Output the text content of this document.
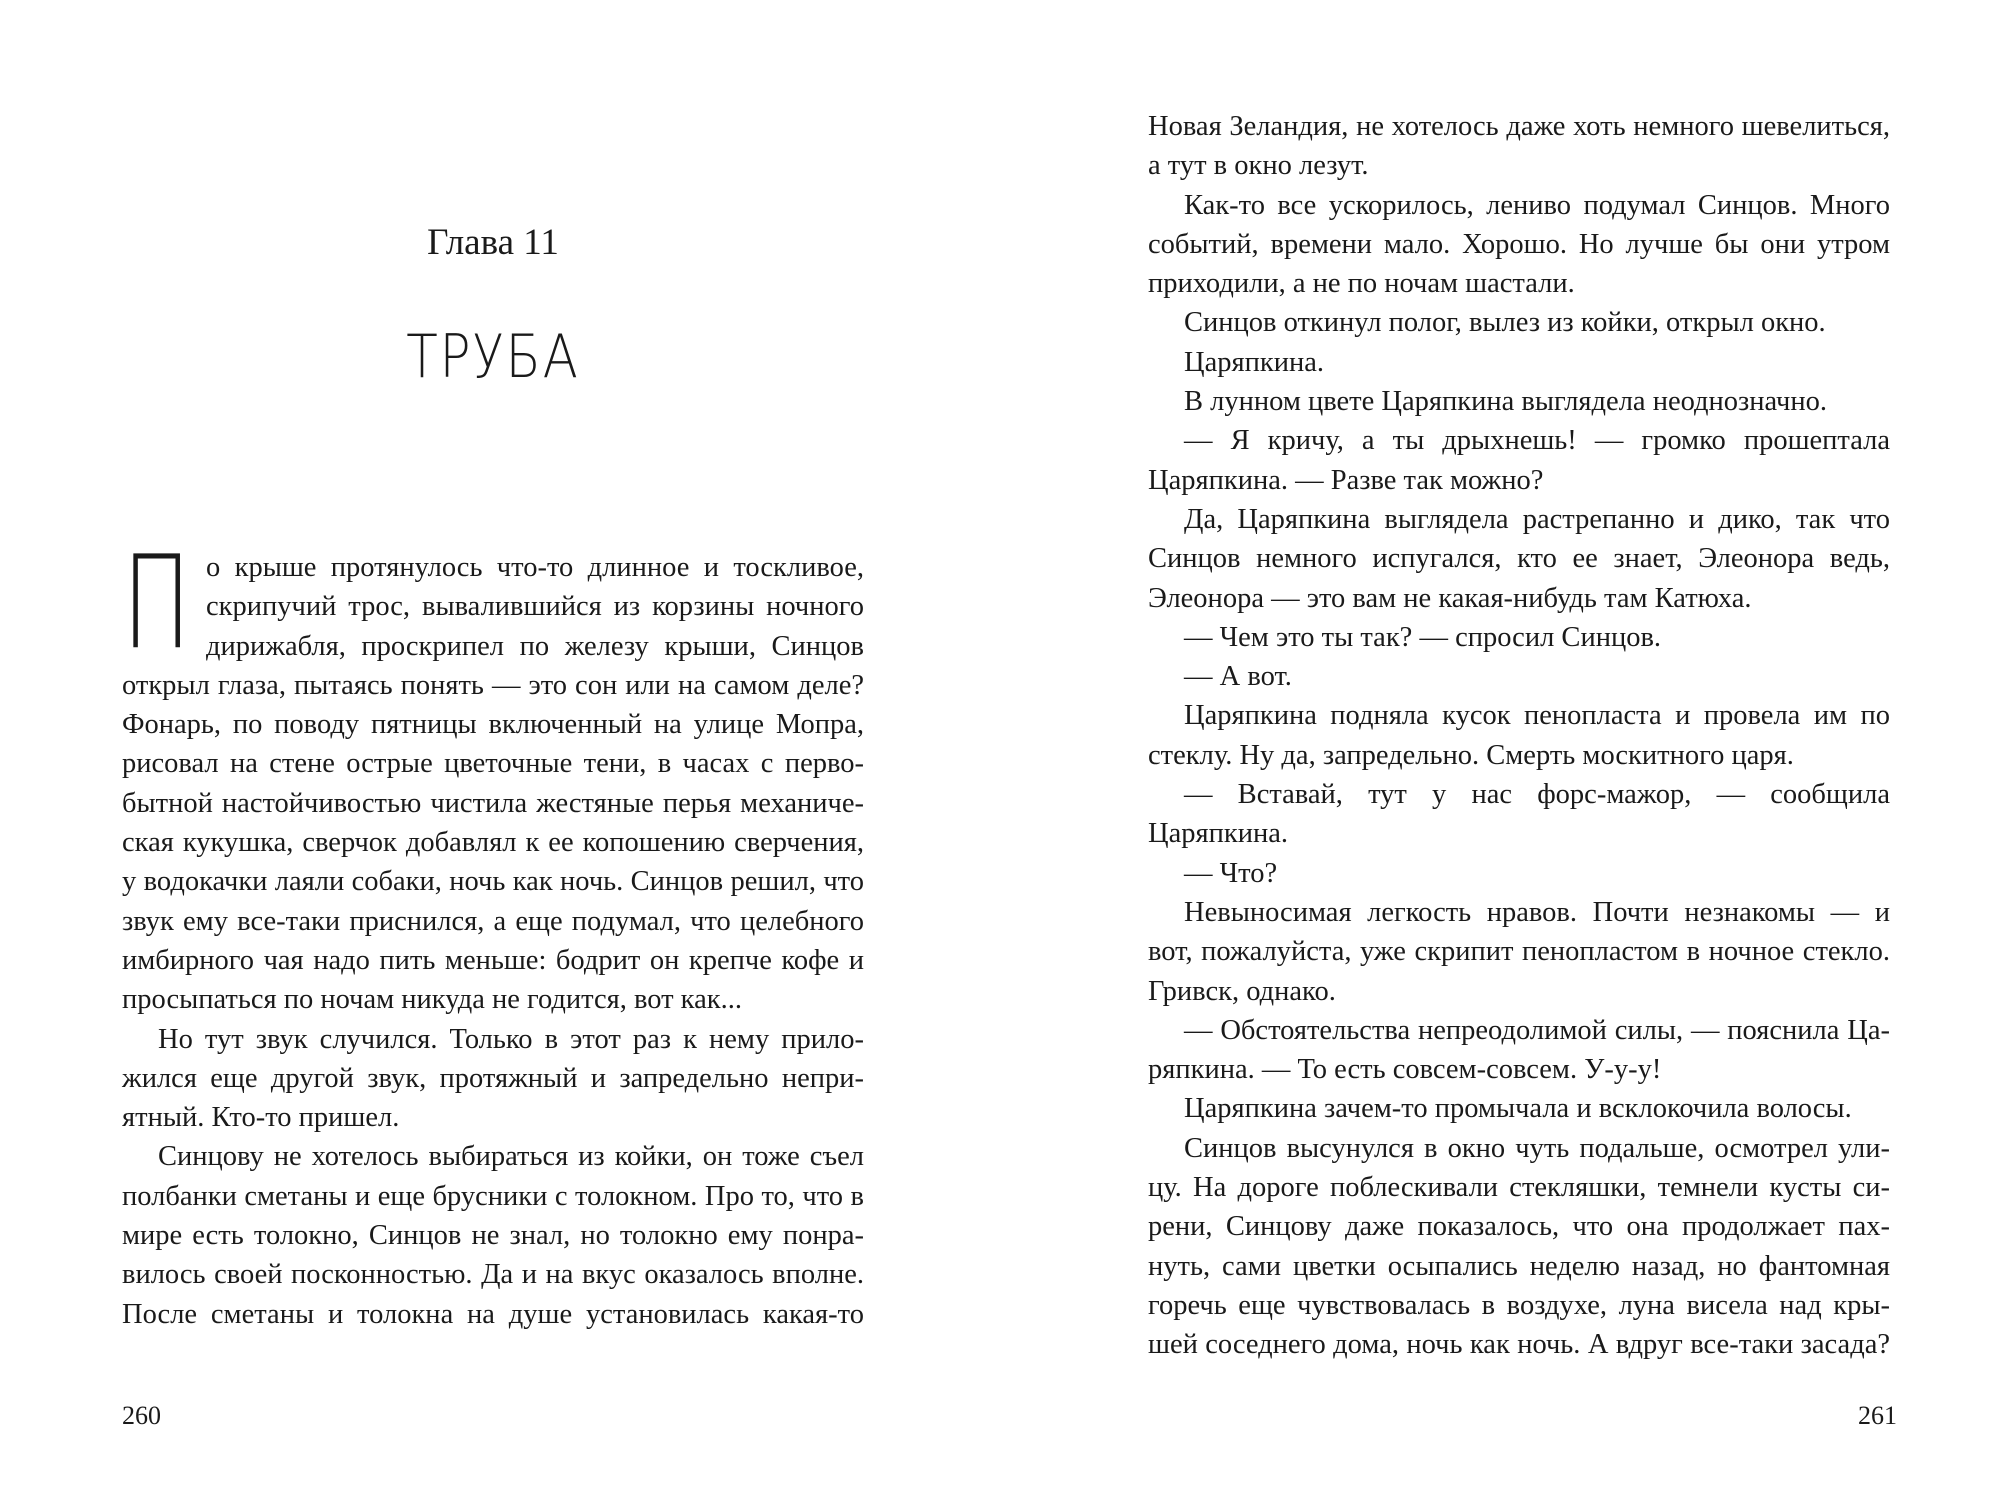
Глава 11
ТРУБА

По крыше протянулось что-то длинное и тоскливое, скрипучий трос, вывалившийся из корзины ночного дирижабля, проскрипел по железу крыши, Синцов открыл глаза, пытаясь понять — это сон или на самом деле? Фонарь, по поводу пятницы включенный на улице Мопра, рисовал на стене острые цветочные тени, в часах с первобытной настойчивостью чистила жестяные перья механическая кукушка, сверчок добавлял к ее копошению сверчения, у водокачки лаяли собаки, ночь как ночь. Синцов решил, что звук ему все-таки приснился, а еще подумал, что целебного имбирного чая надо пить меньше: бодрит он крепче кофе и просыпаться по ночам никуда не годится, вот как...

Но тут звук случился. Только в этот раз к нему приложился еще другой звук, протяжный и запредельно неприятный. Кто-то пришел.

Синцову не хотелось выбираться из койки, он тоже съел полбанки сметаны и еще брусники с толокном. Про то, что в мире есть толокно, Синцов не знал, но толокно ему понравилось своей посконностью. Да и на вкус оказалось вполне. После сметаны и толокна на душе установилась какая-то

260

Новая Зеландия, не хотелось даже хоть немного шевелиться, а тут в окно лезут.

Как-то все ускорилось, лениво подумал Синцов. Много событий, времени мало. Хорошо. Но лучше бы они утром приходили, а не по ночам шастали.

Синцов откинул полог, вылез из койки, открыл окно.

Царяпкина.

В лунном цвете Царяпкина выглядела неоднозначно.

— Я кричу, а ты дрыхнешь! — громко прошептала Царяпкина. — Разве так можно?

Да, Царяпкина выглядела растрепанно и дико, так что Синцов немного испугался, кто ее знает, Элеонора ведь, Элеонора — это вам не какая-нибудь там Катюха.

— Чем это ты так? — спросил Синцов.

— А вот.

Царяпкина подняла кусок пенопласта и провела им по стеклу. Ну да, запредельно. Смерть москитного царя.

— Вставай, тут у нас форс-мажор, — сообщила Царяпкина.

— Что?

Невыносимая легкость нравов. Почти незнакомы — и вот, пожалуйста, уже скрипит пенопластом в ночное стекло. Гривск, однако.

— Обстоятельства непреодолимой силы, — пояснила Царяпкина. — То есть совсем-совсем. У-у-у!

Царяпкина зачем-то промычала и всклокочила волосы.

Синцов высунулся в окно чуть подальше, осмотрел улицу. На дороге поблескивали стекляшки, темнели кусты сирени, Синцову даже показалось, что она продолжает пахнуть, сами цветки осыпались неделю назад, но фантомная горечь еще чувствовалась в воздухе, луна висела над крышей соседнего дома, ночь как ночь. А вдруг все-таки засада?

261
